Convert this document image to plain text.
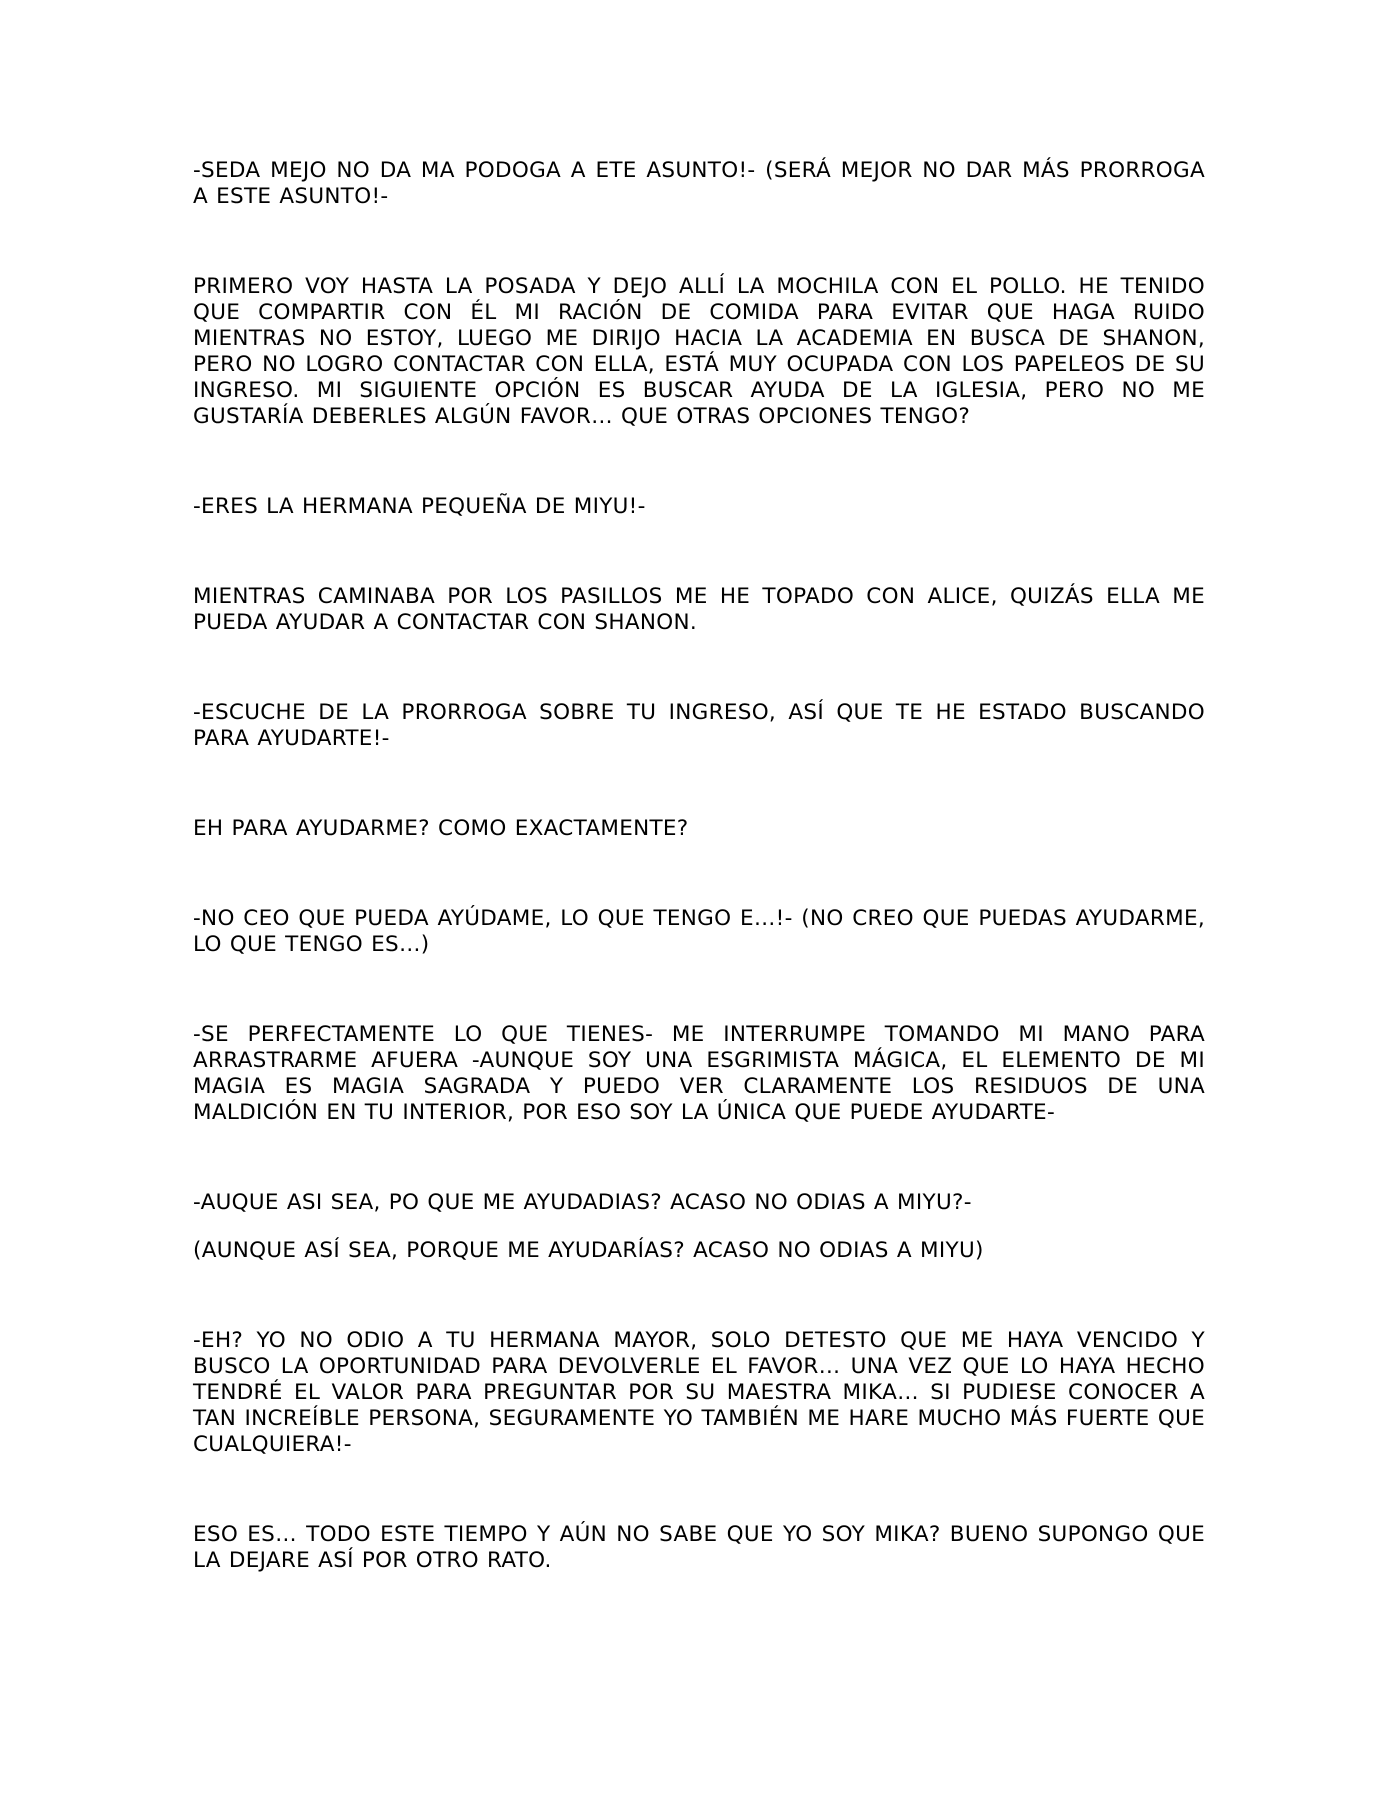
-SEDA MEJO NO DA MA PODOGA A ETE ASUNTO!- (SERÁ MEJOR NO DAR MÁS PRORROGA A ESTE ASUNTO!-

PRIMERO VOY HASTA LA POSADA Y DEJO ALLÍ LA MOCHILA CON EL POLLO. HE TENIDO QUE COMPARTIR CON ÉL MI RACIÓN DE COMIDA PARA EVITAR QUE HAGA RUIDO MIENTRAS NO ESTOY, LUEGO ME DIRIJO HACIA LA ACADEMIA EN BUSCA DE SHANON, PERO NO LOGRO CONTACTAR CON ELLA, ESTÁ MUY OCUPADA CON LOS PAPELEOS DE SU INGRESO. MI SIGUIENTE OPCIÓN ES BUSCAR AYUDA DE LA IGLESIA, PERO NO ME GUSTARÍA DEBERLES ALGÚN FAVOR… QUE OTRAS OPCIONES TENGO?

-ERES LA HERMANA PEQUEÑA DE MIYU!-

MIENTRAS CAMINABA POR LOS PASILLOS ME HE TOPADO CON ALICE, QUIZÁS ELLA ME PUEDA AYUDAR A CONTACTAR CON SHANON.

-ESCUCHE DE LA PRORROGA SOBRE TU INGRESO, ASÍ QUE TE HE ESTADO BUSCANDO PARA AYUDARTE!-

EH PARA AYUDARME? COMO EXACTAMENTE?

-NO CEO QUE PUEDA AYÚDAME, LO QUE TENGO E…!- (NO CREO QUE PUEDAS AYUDARME, LO QUE TENGO ES…)

-SE PERFECTAMENTE LO QUE TIENES- ME INTERRUMPE TOMANDO MI MANO PARA ARRASTRARME AFUERA -AUNQUE SOY UNA ESGRIMISTA MÁGICA, EL ELEMENTO DE MI MAGIA ES MAGIA SAGRADA Y PUEDO VER CLARAMENTE LOS RESIDUOS DE UNA MALDICIÓN EN TU INTERIOR, POR ESO SOY LA ÚNICA QUE PUEDE AYUDARTE-

-AUQUE ASI SEA, PO QUE ME AYUDADIAS? ACASO NO ODIAS A MIYU?-

(AUNQUE ASÍ SEA, PORQUE ME AYUDARÍAS? ACASO NO ODIAS A MIYU)

-EH? YO NO ODIO A TU HERMANA MAYOR, SOLO DETESTO QUE ME HAYA VENCIDO Y BUSCO LA OPORTUNIDAD PARA DEVOLVERLE EL FAVOR… UNA VEZ QUE LO HAYA HECHO TENDRÉ EL VALOR PARA PREGUNTAR POR SU MAESTRA MIKA… SI PUDIESE CONOCER A TAN INCREÍBLE PERSONA, SEGURAMENTE YO TAMBIÉN ME HARE MUCHO MÁS FUERTE QUE CUALQUIERA!-

ESO ES… TODO ESTE TIEMPO Y AÚN NO SABE QUE YO SOY MIKA? BUENO SUPONGO QUE LA DEJARE ASÍ POR OTRO RATO.
